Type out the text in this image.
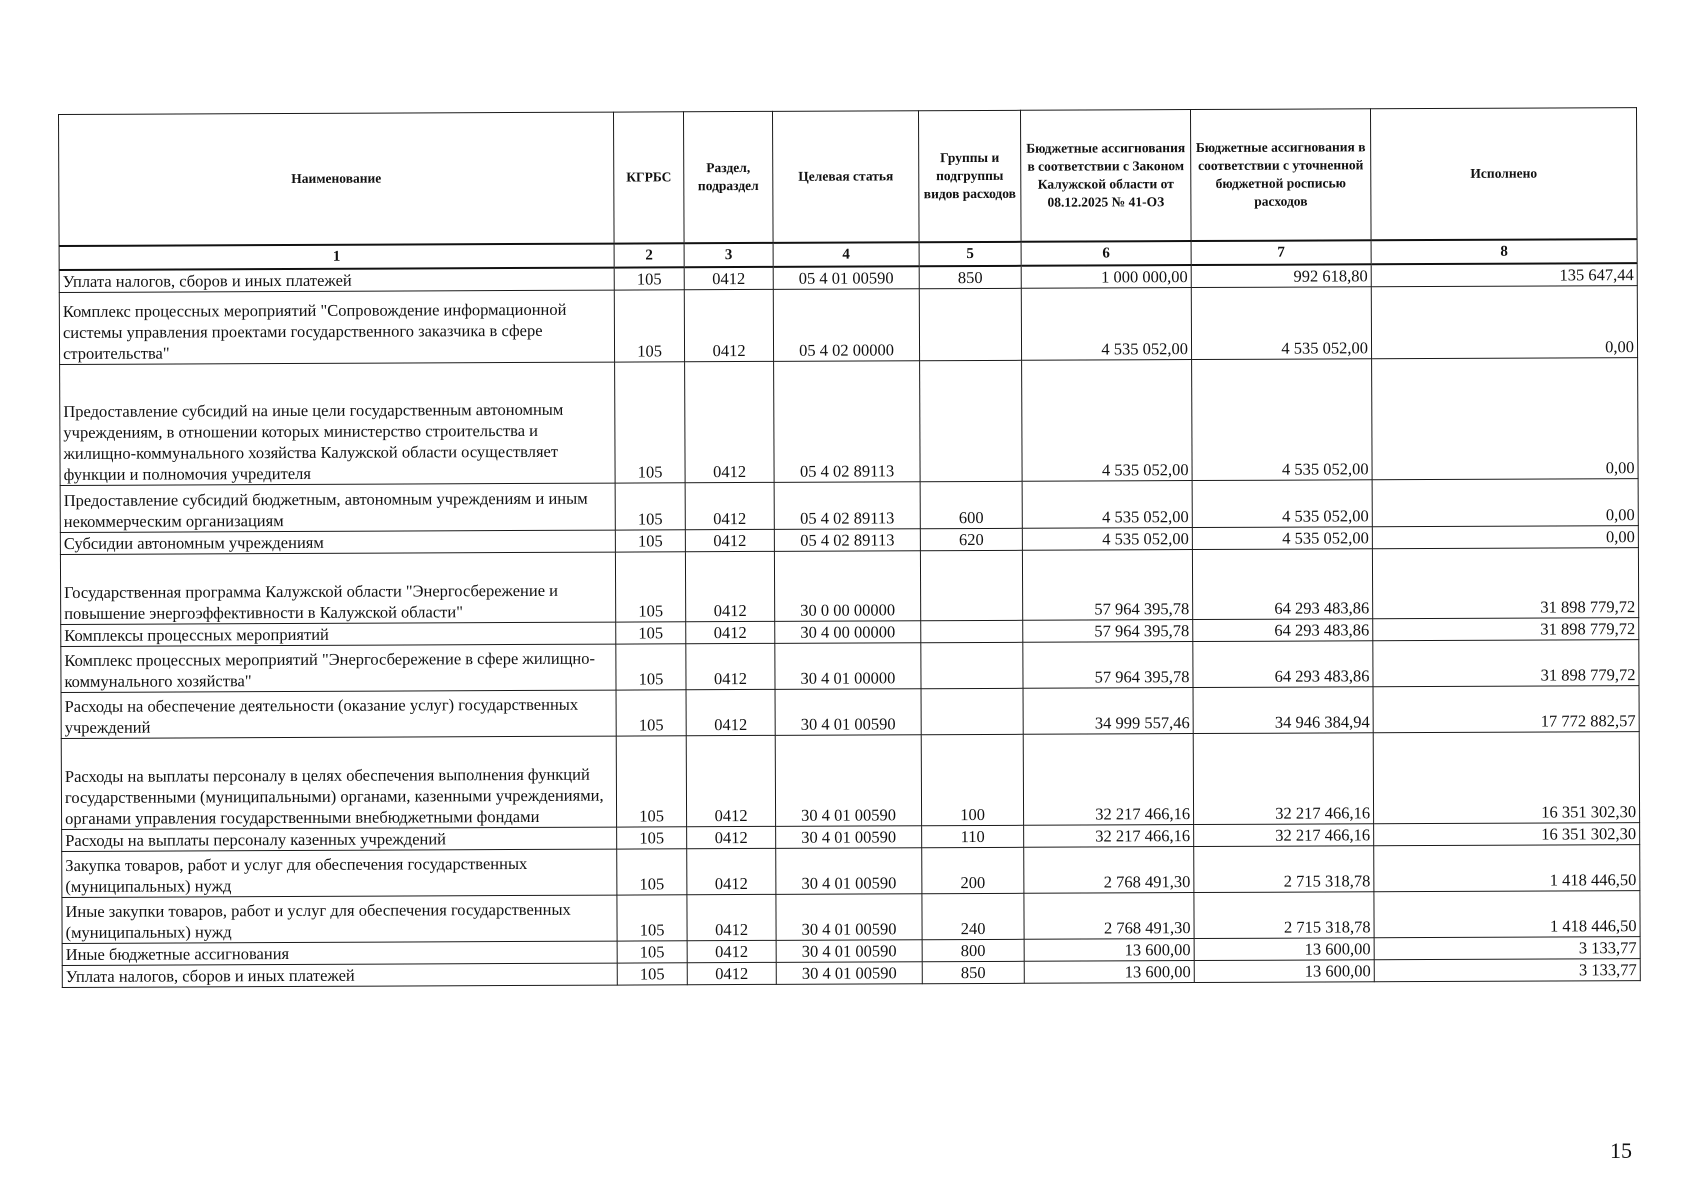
Наименование	КГРБС	Раздел, подраздел	Целевая статья	Группы и подгруппы видов расходов	Бюджетные ассигнования в соответствии с Законом Калужской области от 08.12.2025 № 41-ОЗ	Бюджетные ассигнования в соответствии с уточненной бюджетной росписью расходов	Исполнено
1	2	3	4	5	6	7	8
Уплата налогов, сборов и иных платежей	105	0412	05 4 01 00590	850	1 000 000,00	992 618,80	135 647,44
Комплекс процессных мероприятий "Сопровождение информационной системы управления проектами государственного заказчика в сфере строительства"	105	0412	05 4 02 00000		4 535 052,00	4 535 052,00	0,00
Предоставление субсидий на иные цели государственным автономным учреждениям, в отношении которых министерство строительства и жилищно-коммунального хозяйства Калужской области осуществляет функции и полномочия учредителя	105	0412	05 4 02 89113		4 535 052,00	4 535 052,00	0,00
Предоставление субсидий бюджетным, автономным учреждениям и иным некоммерческим организациям	105	0412	05 4 02 89113	600	4 535 052,00	4 535 052,00	0,00
Субсидии автономным учреждениям	105	0412	05 4 02 89113	620	4 535 052,00	4 535 052,00	0,00
Государственная программа Калужской области "Энергосбережение и повышение энергоэффективности в Калужской области"	105	0412	30 0 00 00000		57 964 395,78	64 293 483,86	31 898 779,72
Комплексы процессных мероприятий	105	0412	30 4 00 00000		57 964 395,78	64 293 483,86	31 898 779,72
Комплекс процессных мероприятий "Энергосбережение в сфере жилищно-коммунального хозяйства"	105	0412	30 4 01 00000		57 964 395,78	64 293 483,86	31 898 779,72
Расходы на обеспечение деятельности (оказание услуг) государственных учреждений	105	0412	30 4 01 00590		34 999 557,46	34 946 384,94	17 772 882,57
Расходы на выплаты персоналу в целях обеспечения выполнения функций государственными (муниципальными) органами, казенными учреждениями, органами управления государственными внебюджетными фондами	105	0412	30 4 01 00590	100	32 217 466,16	32 217 466,16	16 351 302,30
Расходы на выплаты персоналу казенных учреждений	105	0412	30 4 01 00590	110	32 217 466,16	32 217 466,16	16 351 302,30
Закупка товаров, работ и услуг для обеспечения государственных (муниципальных) нужд	105	0412	30 4 01 00590	200	2 768 491,30	2 715 318,78	1 418 446,50
Иные закупки товаров, работ и услуг для обеспечения государственных (муниципальных) нужд	105	0412	30 4 01 00590	240	2 768 491,30	2 715 318,78	1 418 446,50
Иные бюджетные ассигнования	105	0412	30 4 01 00590	800	13 600,00	13 600,00	3 133,77
Уплата налогов, сборов и иных платежей	105	0412	30 4 01 00590	850	13 600,00	13 600,00	3 133,77
15
